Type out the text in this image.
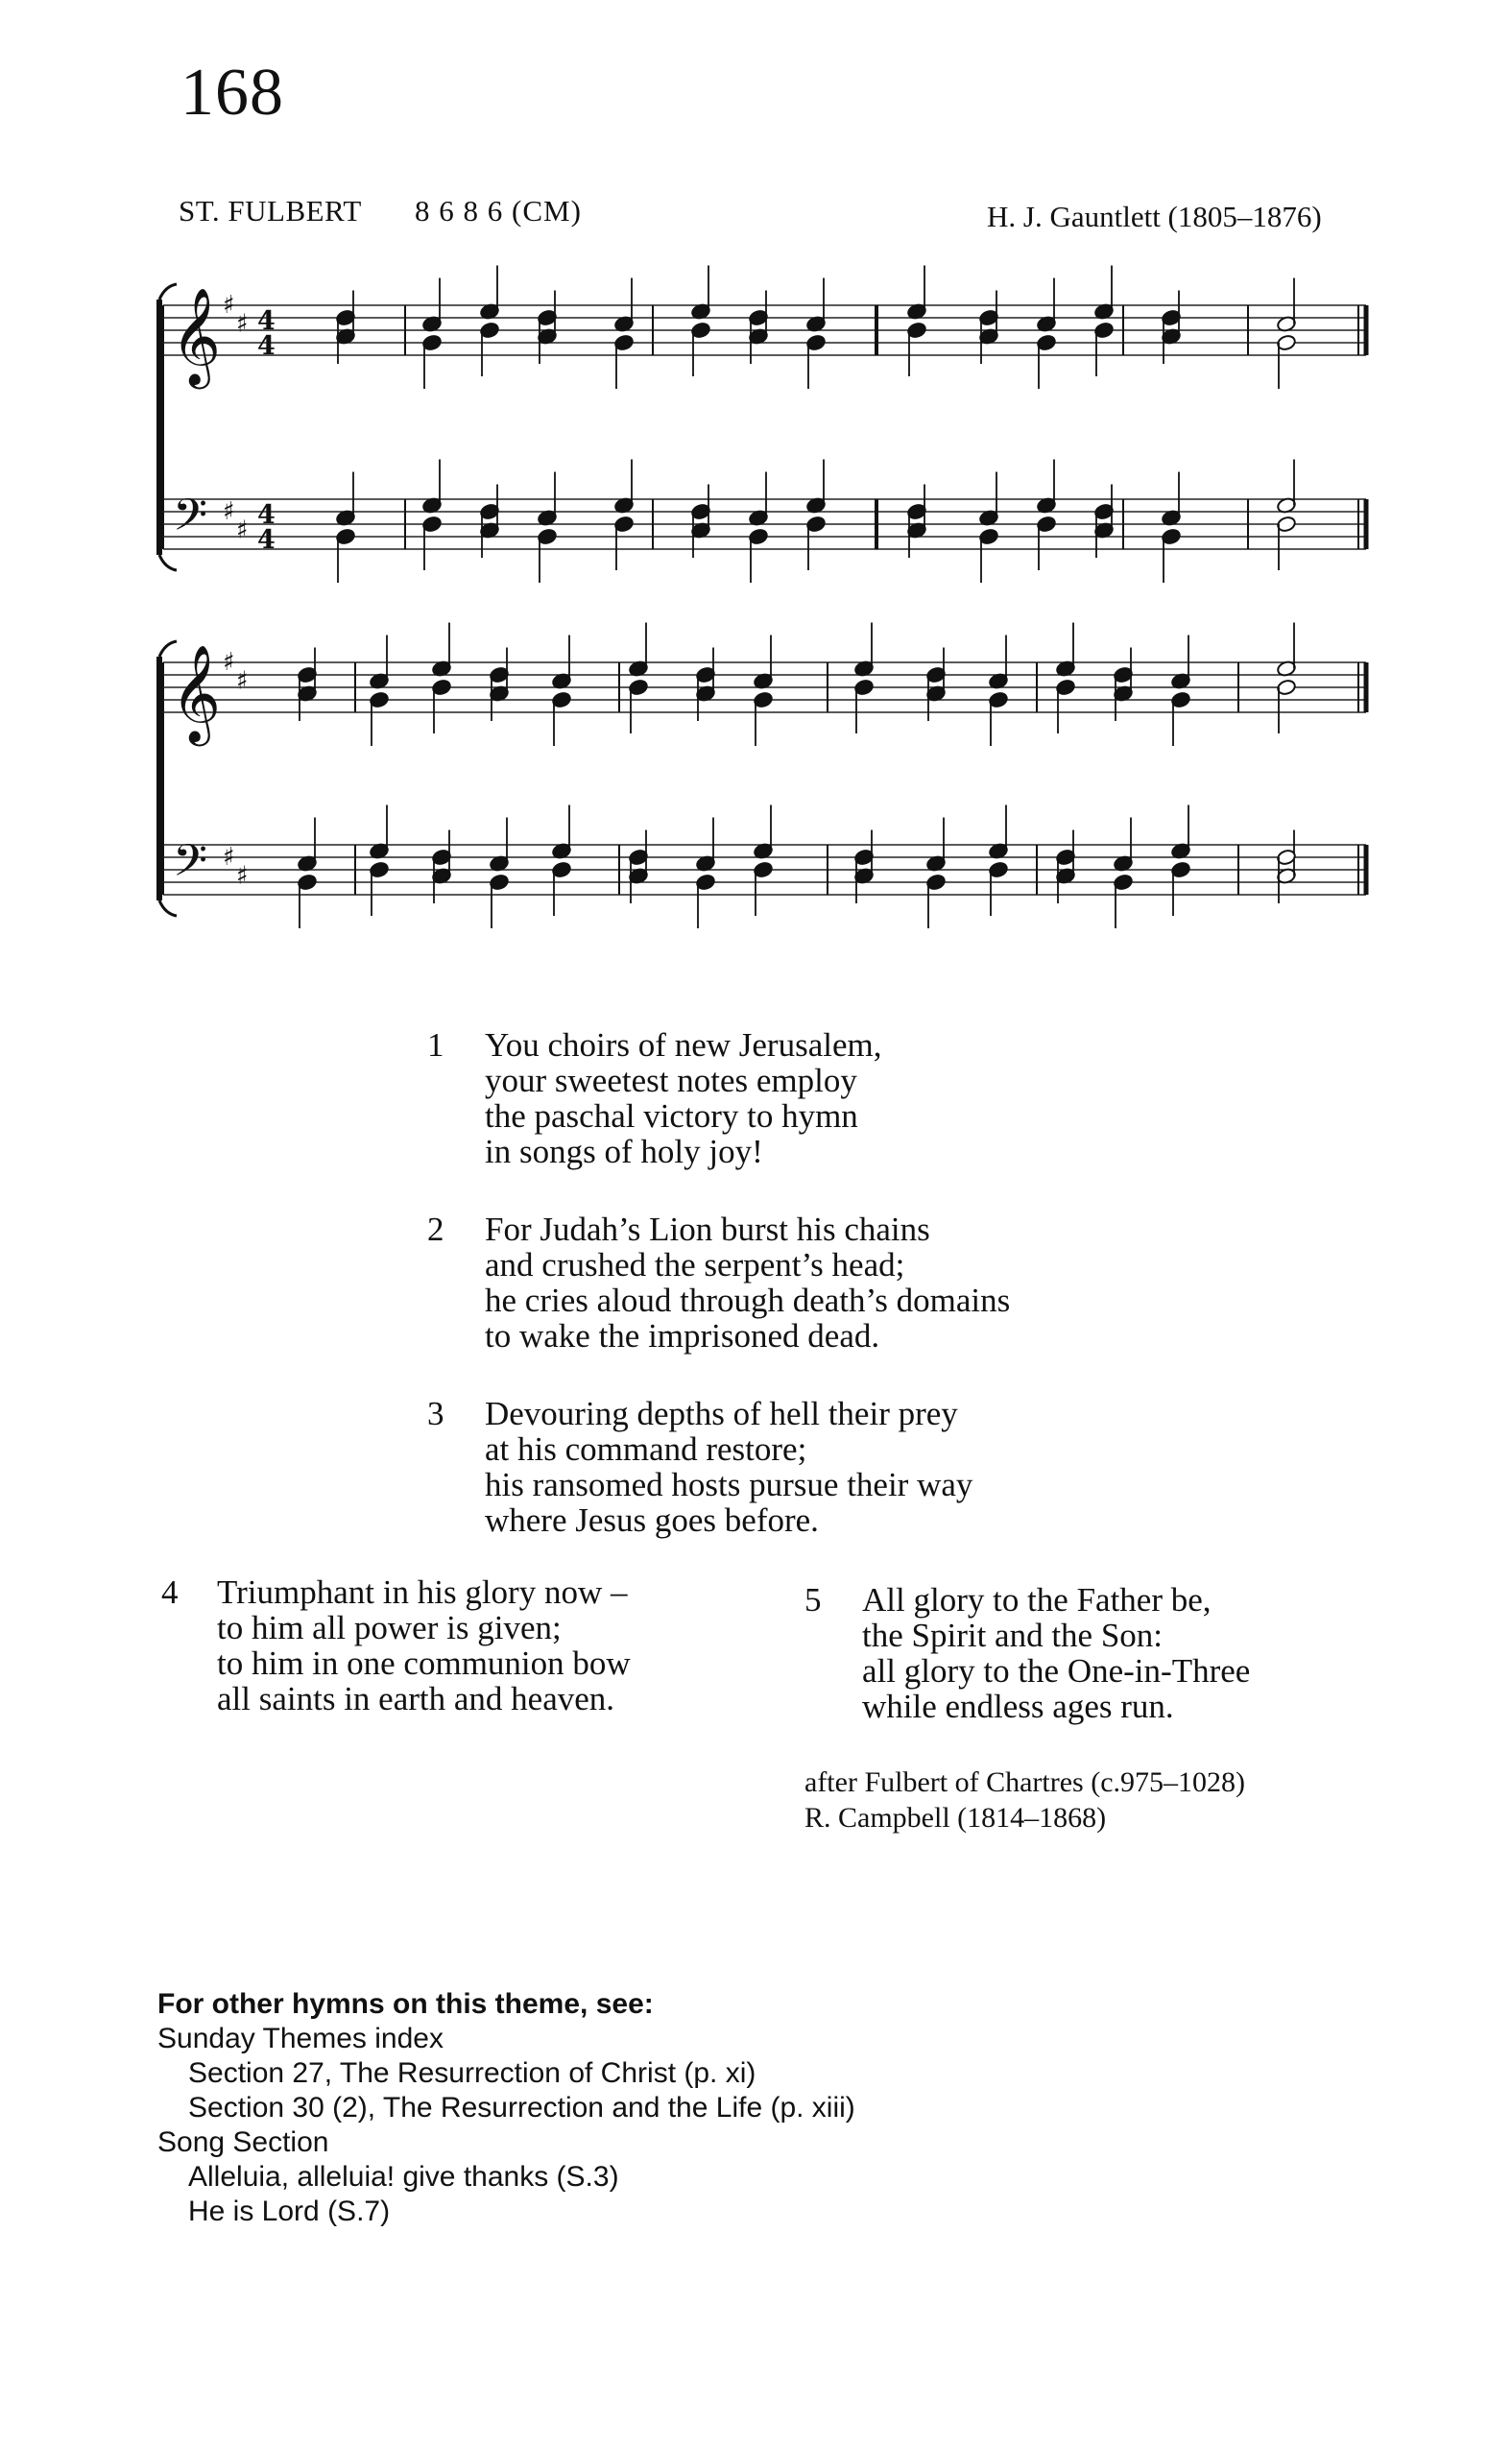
168
ST. FULBERT 8 6 8 6 (CM)	H. J. Gauntlett (1805–1876)
𝄞 ♯
♯ 4
4
𝄢 ♯
♯
4
4
𝄞 ♯
♯
𝄢 ♯
♯
1 You choirs of new Jerusalem,
your sweetest notes employ
the paschal victory to hymn
in songs of holy joy!
2 For Judah’s Lion burst his chains
and crushed the serpent’s head;
he cries aloud through death’s domains
to wake the imprisoned dead.
3 Devouring depths of hell their prey
at his command restore;
his ransomed hosts pursue their way
where Jesus goes before.
4 Triumphant in his glory now –
to him all power is given;
to him in one communion bow
all saints in earth and heaven.
5 All glory to the Father be,
the Spirit and the Son:
all glory to the One-in-Three
while endless ages run.
after Fulbert of Chartres (c.975–1028)
R. Campbell (1814–1868)
For other hymns on this theme, see:
Sunday Themes index
Section 27, The Resurrection of Christ (p. xi)
Section 30 (2), The Resurrection and the Life (p. xiii)
Song Section
Alleluia, alleluia! give thanks (S.3)
He is Lord (S.7)
